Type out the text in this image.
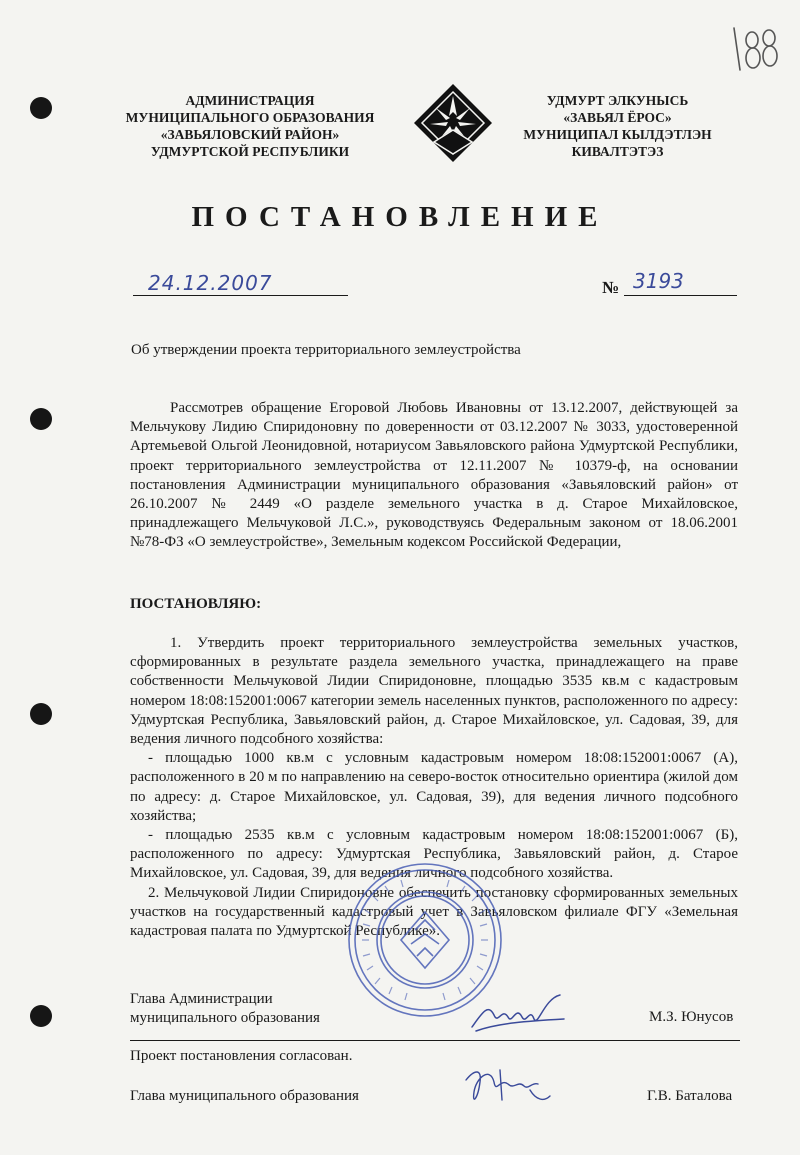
АДМИНИСТРАЦИЯ
МУНИЦИПАЛЬНОГО ОБРАЗОВАНИЯ
«ЗАВЬЯЛОВСКИЙ РАЙОН»
УДМУРТСКОЙ РЕСПУБЛИКИ
УДМУРТ ЭЛКУНЫСЬ
«ЗАВЬЯЛ ЁРОС»
МУНИЦИПАЛ КЫЛДЭТЛЭН
КИВАЛТЭТЭЗ
ПОСТАНОВЛЕНИЕ
24.12.2007	№ 3193
Об утверждении проекта территориального землеустройства
Рассмотрев обращение Егоровой Любовь Ивановны от 13.12.2007, действующей за Мельчукову Лидию Спиридоновну по доверенности от 03.12.2007 № 3033, удостоверенной Артемьевой Ольгой Леонидовной, нотариусом Завьяловского района Удмуртской Республики, проект территориального землеустройства от 12.11.2007 № 10379-ф, на основании постановления Администрации муниципального образования «Завьяловский район» от 26.10.2007 № 2449 «О разделе земельного участка в д. Старое Михайловское, принадлежащего Мельчуковой Л.С.», руководствуясь Федеральным законом от 18.06.2001 №78-ФЗ «О землеустройстве», Земельным кодексом Российской Федерации,
ПОСТАНОВЛЯЮ:

1. Утвердить проект территориального землеустройства земельных участков, сформированных в результате раздела земельного участка, принадлежащего на праве собственности Мельчуковой Лидии Спиридоновне, площадью 3535 кв.м с кадастровым номером 18:08:152001:0067 категории земель населенных пунктов, расположенного по адресу: Удмуртская Республика, Завьяловский район, д. Старое Михайловское, ул. Садовая, 39, для ведения личного подсобного хозяйства:

- площадью 1000 кв.м с условным кадастровым номером 18:08:152001:0067 (А), расположенного в 20 м по направлению на северо-восток относительно ориентира (жилой дом по адресу: д. Старое Михайловское, ул. Садовая, 39), для ведения личного подсобного хозяйства;

- площадью 2535 кв.м с условным кадастровым номером 18:08:152001:0067 (Б), расположенного по адресу: Удмуртская Республика, Завьяловский район, д. Старое Михайловское, ул. Садовая, 39, для ведения личного подсобного хозяйства.

2. Мельчуковой Лидии Спиридоновне обеспечить постановку сформированных земельных участков на государственный кадастровый учет в Завьяловском филиале ФГУ «Земельная кадастровая палата по Удмуртской Республике».

Глава Администрации
муниципального образования	М.З. Юнусов
Проект постановления согласован.
Глава муниципального образования	Г.В. Баталова
